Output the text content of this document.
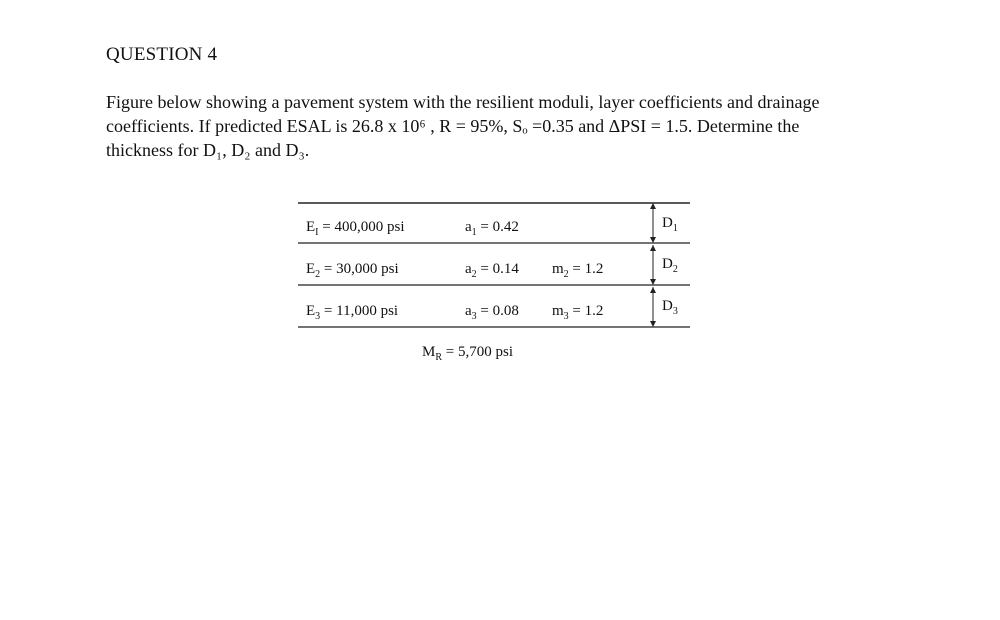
QUESTION 4

Figure below showing a pavement system with the resilient moduli, layer coefficients and drainage

coefficients. If predicted ESAL is 26.8 x 10⁶ , R = 95%, Sₒ =0.35 and ΔPSI = 1.5. Determine the

thickness for D₁, D₂ and D₃.

$E_I = 400,000$ psi	$a_1 = 0.42$	$D_1$
$E_2 = 30,000$ psi	$a_2 = 0.14$ $m_2 = 1.2$	$D_2$
$E_3 = 11,000$ psi	$a_3 = 0.08$ $m_3 = 1.2$	$D_3$
$M_R = 5,700$ psi
